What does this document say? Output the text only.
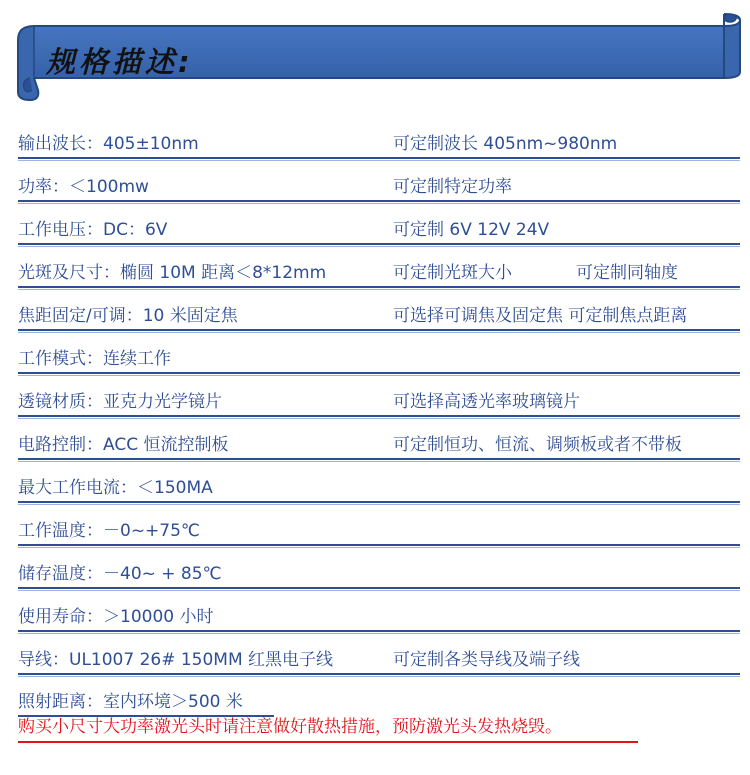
规格描述:
输出波长：405±10nm	可定制波长 405nm~980nm
功率：＜100mw	可定制特定功率
工作电压：DC：6V	可定制 6V 12V 24V
光斑及尺寸：椭圆 10M 距离＜8*12mm	可定制光斑大小	可定制同轴度
焦距固定/可调：10 米固定焦	可选择可调焦及固定焦 可定制焦点距离
工作模式：连续工作
透镜材质：亚克力光学镜片	可选择高透光率玻璃镜片
电路控制：ACC 恒流控制板	可定制恒功、恒流、调频板或者不带板
最大工作电流：＜150MA
工作温度：－0~+75℃
储存温度：－40~ + 85℃
使用寿命：＞10000 小时
导线：UL1007 26# 150MM 红黑电子线	可定制各类导线及端子线
照射距离：室内环境＞500 米
购买小尺寸大功率激光头时请注意做好散热措施，预防激光头发热烧毁。
